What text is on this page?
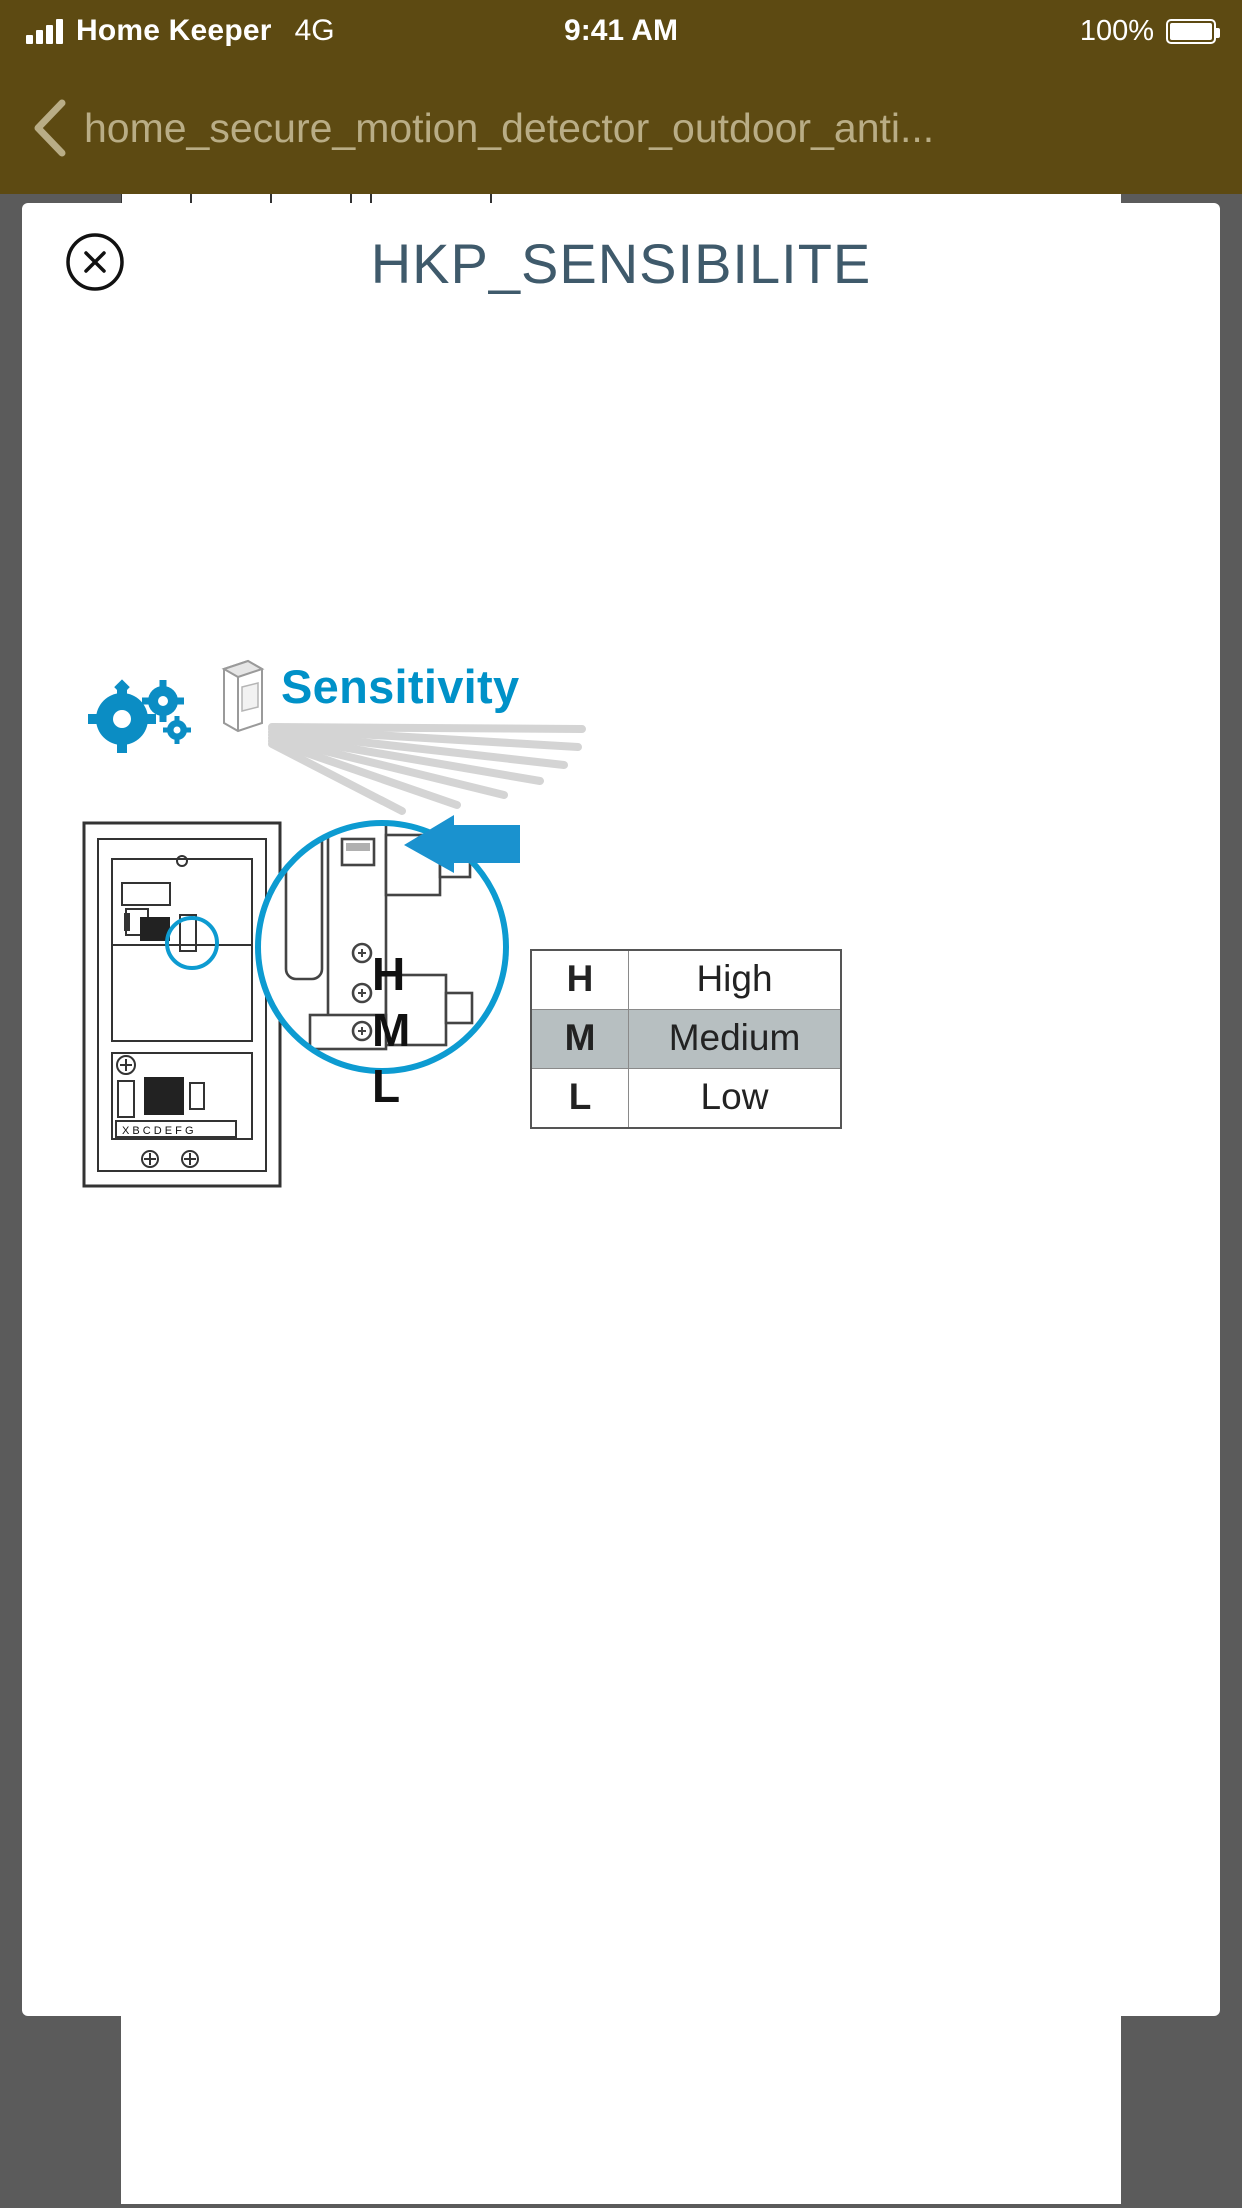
Home Keeper 4G	9:41 AM	100%
home_secure_motion_detector_outdoor_anti...
HKP_SENSIBILITE
Sensitivity
X B C D E F G
H
M
L
H	High
M	Medium
L	Low
